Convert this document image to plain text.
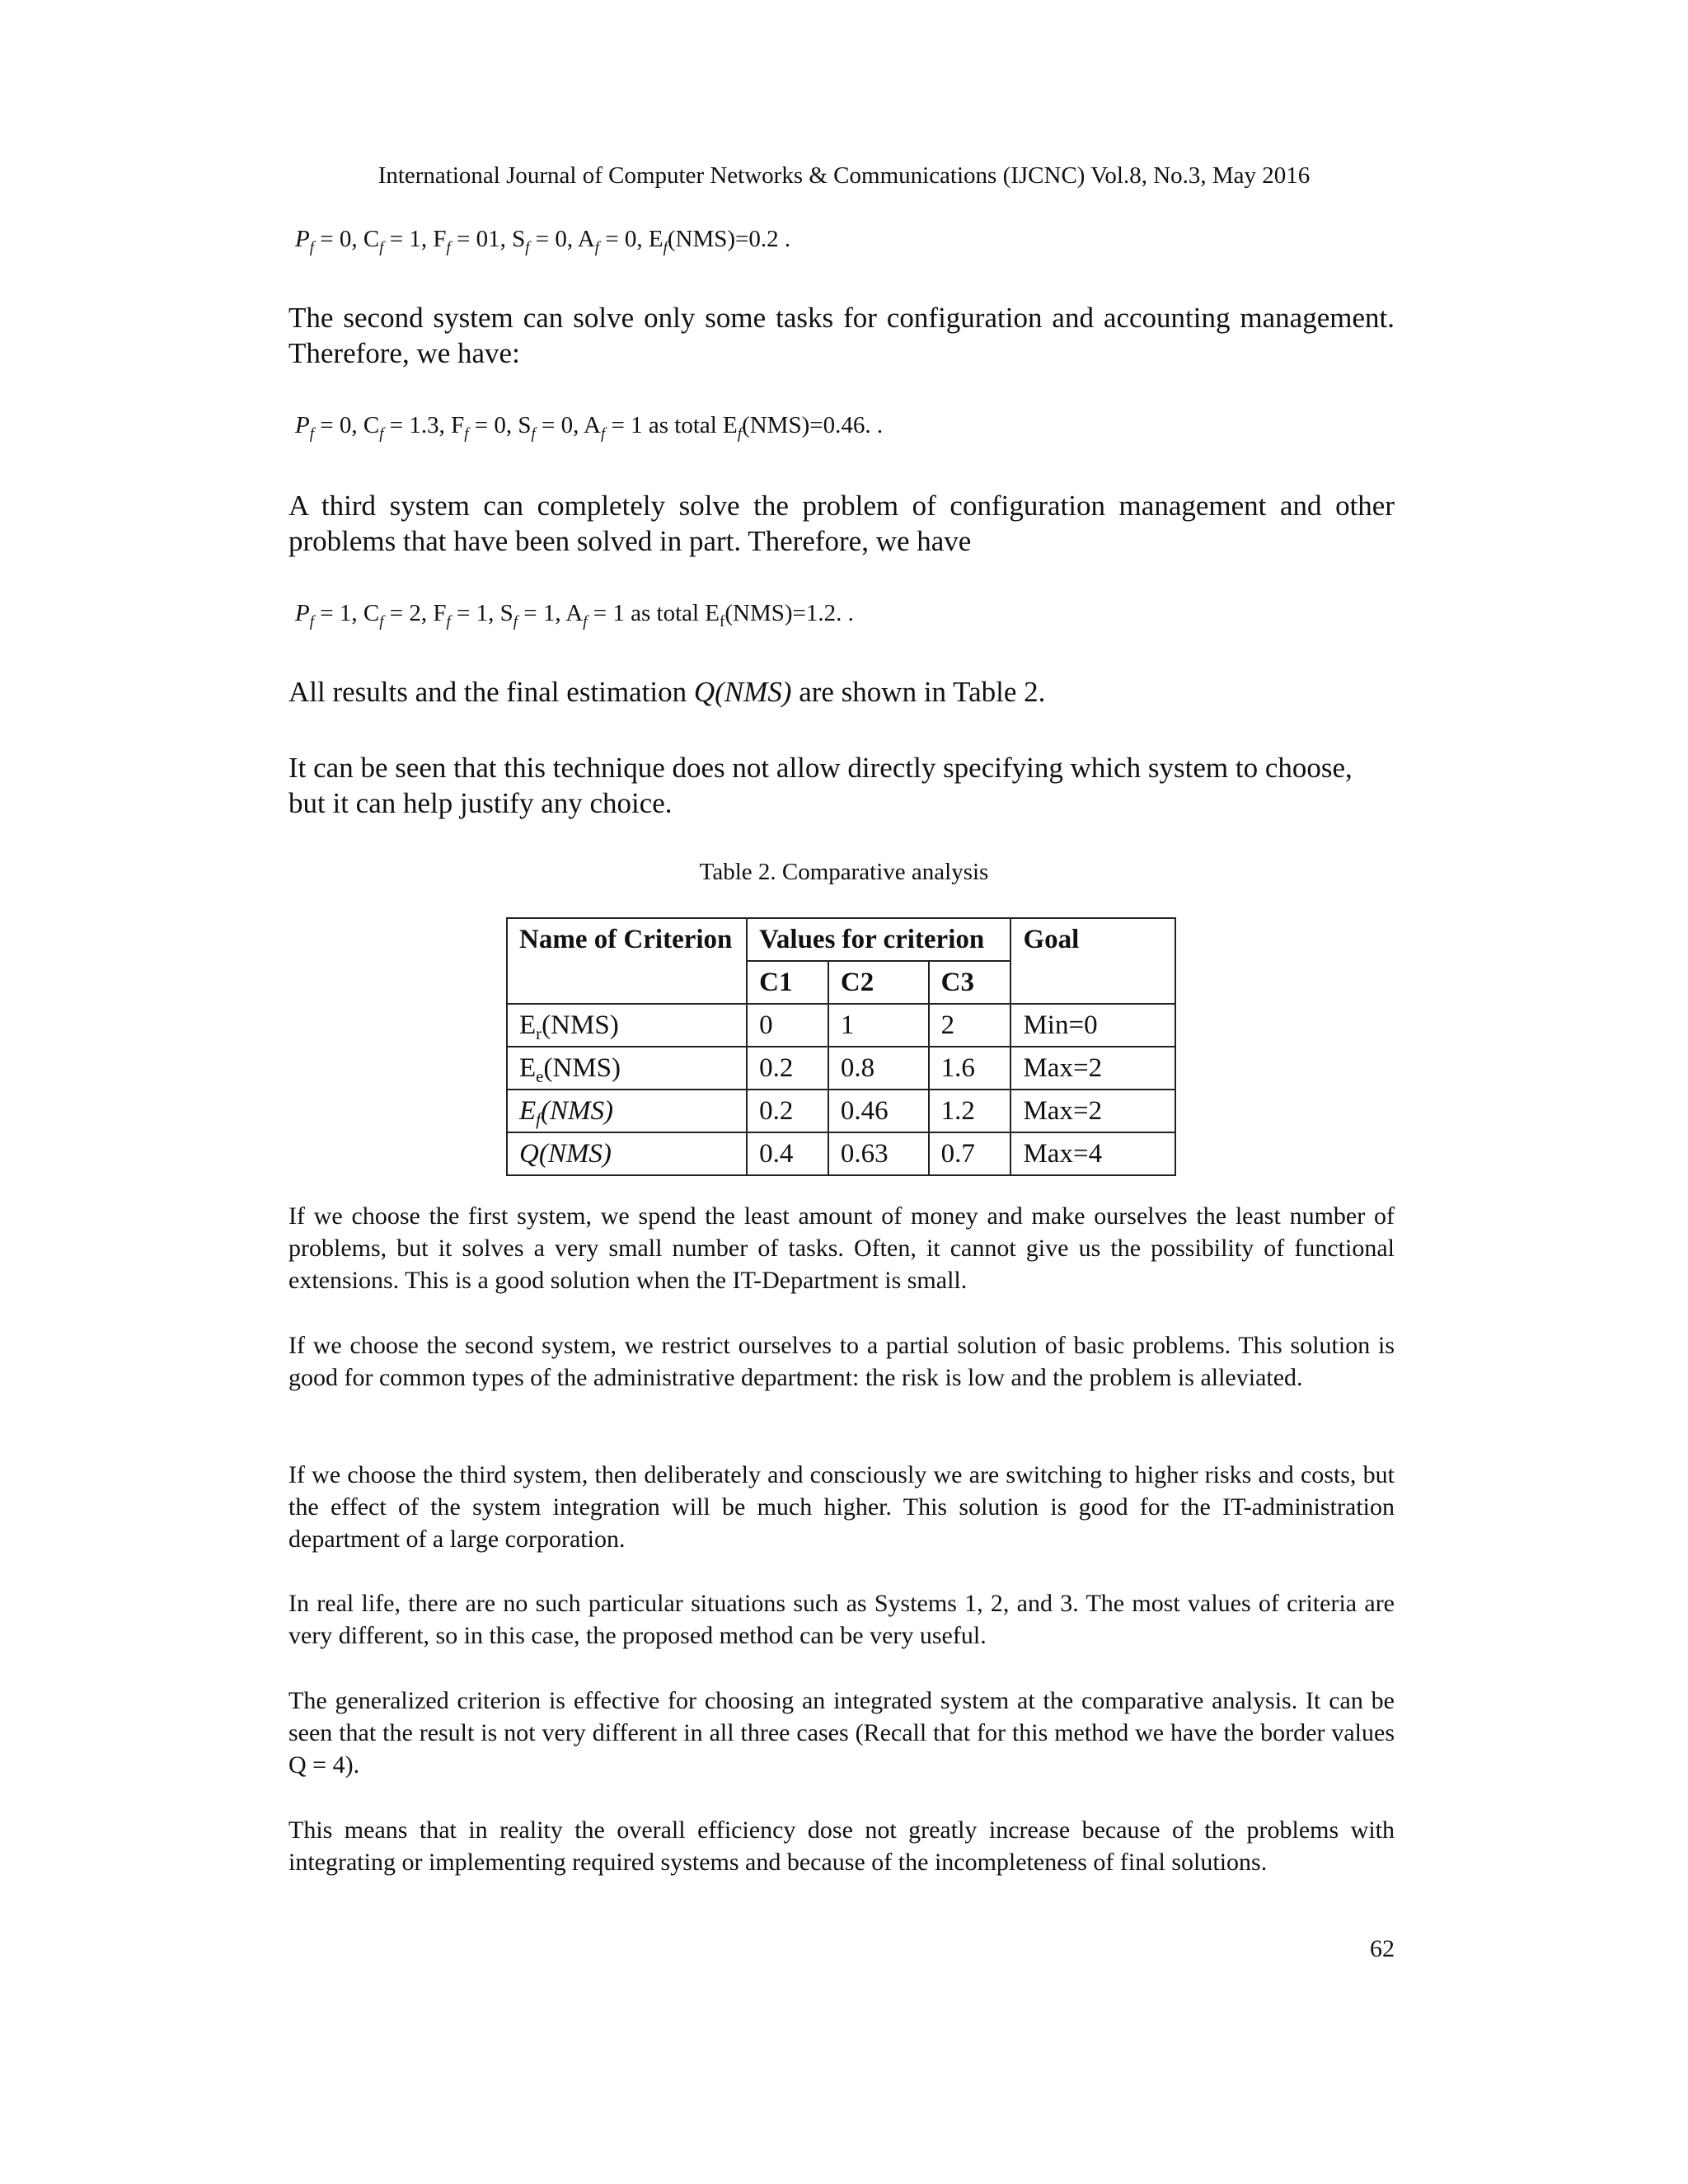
International Journal of Computer Networks & Communications (IJCNC) Vol.8, No.3, May 2016
$P_f = 0$, $C_f = 1$, $F_f = 01$, $S_f = 0$, $A_f = 0$, $E_f(NMS)=0.2$ .
The second system can solve only some tasks for configuration and accounting management. Therefore, we have:
$P_f = 0$, $C_f = 1.3$, $F_f = 0$, $S_f = 0$, $A_f = 1$ as total $E_f(NMS)=0.46$. .
A third system can completely solve the problem of configuration management and other problems that have been solved in part. Therefore, we have
$P_f = 1$, $C_f = 2$, $F_f = 1$, $S_f = 1$, $A_f = 1$ as total $E_f(NMS)=1.2$. .
All results and the final estimation Q(NMS) are shown in Table 2.
It can be seen that this technique does not allow directly specifying which system to choose, but it can help justify any choice.
Table 2. Comparative analysis
Name of Criterion	Values for criterion			Goal
	C1	C2	C3	
$E_r(NMS)$	0	1	2	Min=0
$E_e(NMS)$	0.2	0.8	1.6	Max=2
$E_f(NMS)$	0.2	0.46	1.2	Max=2
Q(NMS)	0.4	0.63	0.7	Max=4
If we choose the first system, we spend the least amount of money and make ourselves the least number of problems, but it solves a very small number of tasks. Often, it cannot give us the possibility of functional extensions. This is a good solution when the IT-Department is small.
If we choose the second system, we restrict ourselves to a partial solution of basic problems. This solution is good for common types of the administrative department: the risk is low and the problem is alleviated.
If we choose the third system, then deliberately and consciously we are switching to higher risks and costs, but the effect of the system integration will be much higher. This solution is good for the IT-administration department of a large corporation.
In real life, there are no such particular situations such as Systems 1, 2, and 3. The most values of criteria are very different, so in this case, the proposed method can be very useful.
The generalized criterion is effective for choosing an integrated system at the comparative analysis. It can be seen that the result is not very different in all three cases (Recall that for this method we have the border values Q = 4).
This means that in reality the overall efficiency dose not greatly increase because of the problems with integrating or implementing required systems and because of the incompleteness of final solutions.
62
